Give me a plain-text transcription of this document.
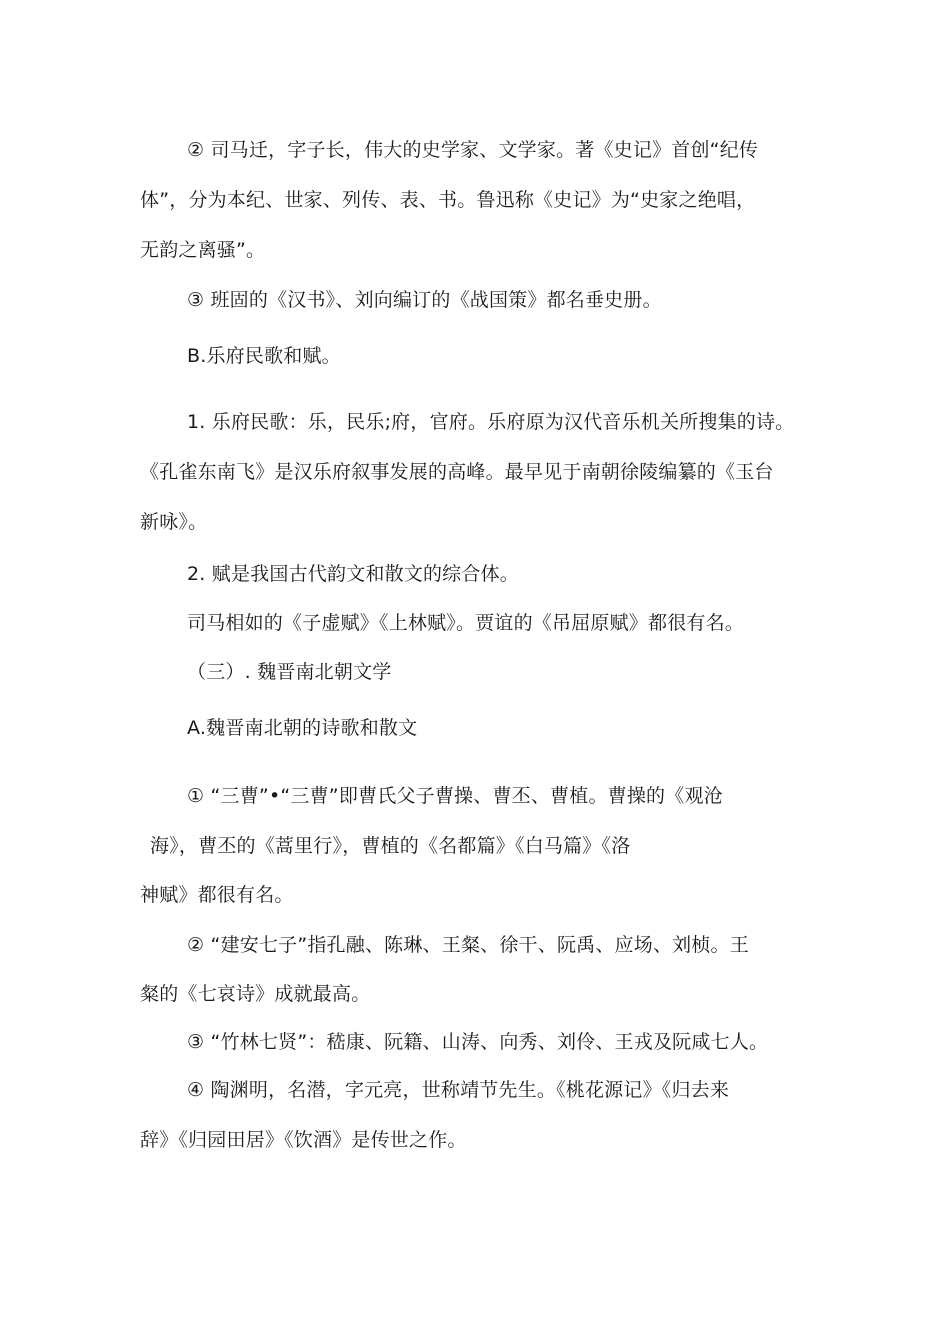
② 司马迁，字子长，伟大的史学家、文学家。著《史记》首创“纪传
体”，分为本纪、世家、列传、表、书。鲁迅称《史记》为“史家之绝唱，
无韵之离骚”。
③ 班固的《汉书》、刘向编订的《战国策》都名垂史册。
B.乐府民歌和赋。
1. 乐府民歌：乐，民乐;府，官府。乐府原为汉代音乐机关所搜集的诗。
《孔雀东南飞》是汉乐府叙事发展的高峰。最早见于南朝徐陵编纂的《玉台
新咏》。
2. 赋是我国古代韵文和散文的综合体。
司马相如的《子虚赋》《上林赋》。贾谊的《吊屈原赋》都很有名。
（三）. 魏晋南北朝文学
A.魏晋南北朝的诗歌和散文
① “三曹”•“三曹”即曹氏父子曹操、曹丕、曹植。曹操的《观沧
海》，曹丕的《蒿里行》，曹植的《名都篇》《白马篇》《洛
神赋》都很有名。
② “建安七子”指孔融、陈琳、王粲、徐干、阮禹、应场、刘桢。王
粲的《七哀诗》成就最高。
③ “竹林七贤”：嵇康、阮籍、山涛、向秀、刘伶、王戎及阮咸七人。
④ 陶渊明，名潜，字元亮，世称靖节先生。《桃花源记》《归去来
辞》《归园田居》《饮酒》是传世之作。
